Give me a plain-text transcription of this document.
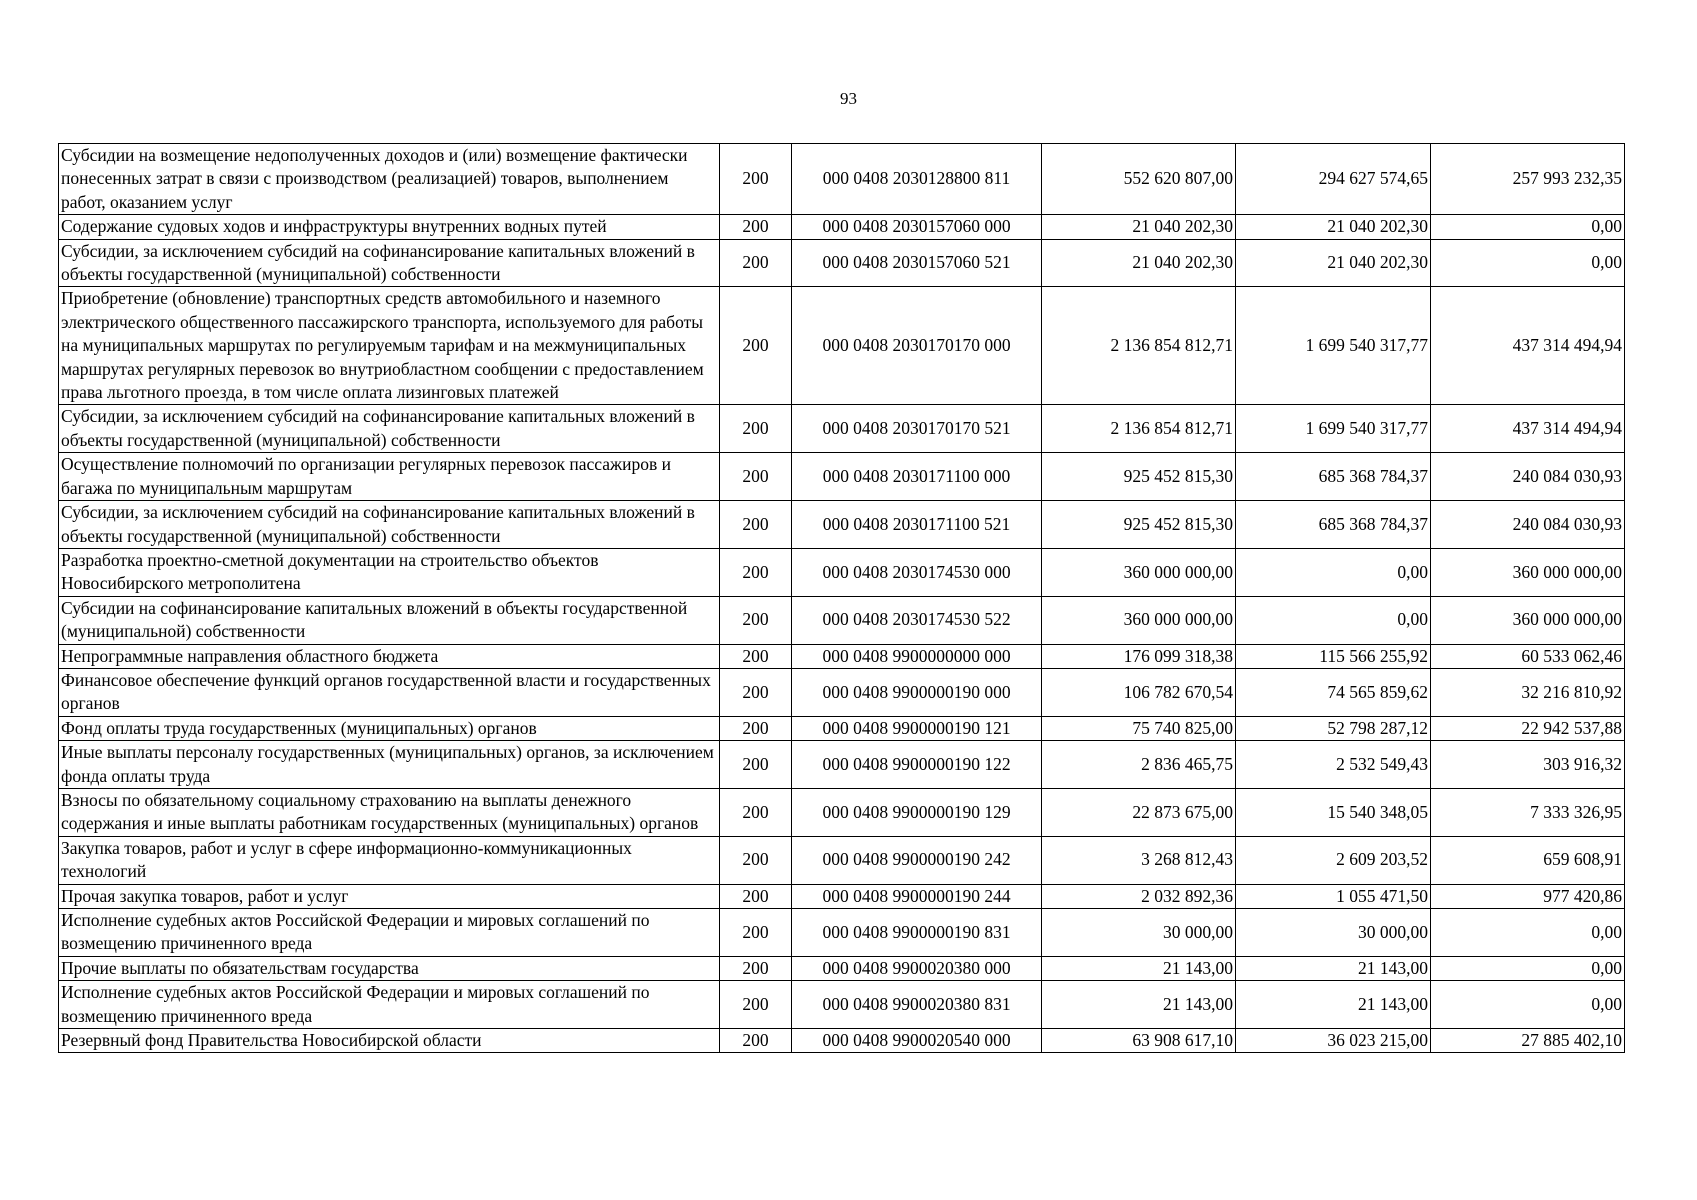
93
Субсидии на возмещение недополученных доходов и (или) возмещение фактически понесенных затрат в связи с производством (реализацией) товаров, выполнением работ, оказанием услуг	200	000 0408 2030128800 811	552 620 807,00	294 627 574,65	257 993 232,35
Содержание судовых ходов и инфраструктуры внутренних водных путей	200	000 0408 2030157060 000	21 040 202,30	21 040 202,30	0,00
Субсидии, за исключением субсидий на софинансирование капитальных вложений в объекты государственной (муниципальной) собственности	200	000 0408 2030157060 521	21 040 202,30	21 040 202,30	0,00
Приобретение (обновление) транспортных средств автомобильного и наземного электрического общественного пассажирского транспорта, используемого для работы на муниципальных маршрутах по регулируемым тарифам и на межмуниципальных маршрутах регулярных перевозок во внутриобластном сообщении с предоставлением права льготного проезда, в том числе оплата лизинговых платежей	200	000 0408 2030170170 000	2 136 854 812,71	1 699 540 317,77	437 314 494,94
Субсидии, за исключением субсидий на софинансирование капитальных вложений в объекты государственной (муниципальной) собственности	200	000 0408 2030170170 521	2 136 854 812,71	1 699 540 317,77	437 314 494,94
Осуществление полномочий по организации регулярных перевозок пассажиров и багажа по муниципальным маршрутам	200	000 0408 2030171100 000	925 452 815,30	685 368 784,37	240 084 030,93
Субсидии, за исключением субсидий на софинансирование капитальных вложений в объекты государственной (муниципальной) собственности	200	000 0408 2030171100 521	925 452 815,30	685 368 784,37	240 084 030,93
Разработка проектно-сметной документации на строительство объектов Новосибирского метрополитена	200	000 0408 2030174530 000	360 000 000,00	0,00	360 000 000,00
Субсидии на софинансирование капитальных вложений в объекты государственной (муниципальной) собственности	200	000 0408 2030174530 522	360 000 000,00	0,00	360 000 000,00
Непрограммные направления областного бюджета	200	000 0408 9900000000 000	176 099 318,38	115 566 255,92	60 533 062,46
Финансовое обеспечение функций органов государственной власти и государственных органов	200	000 0408 9900000190 000	106 782 670,54	74 565 859,62	32 216 810,92
Фонд оплаты труда государственных (муниципальных) органов	200	000 0408 9900000190 121	75 740 825,00	52 798 287,12	22 942 537,88
Иные выплаты персоналу государственных (муниципальных) органов, за исключением фонда оплаты труда	200	000 0408 9900000190 122	2 836 465,75	2 532 549,43	303 916,32
Взносы по обязательному социальному страхованию на выплаты денежного содержания и иные выплаты работникам государственных (муниципальных) органов	200	000 0408 9900000190 129	22 873 675,00	15 540 348,05	7 333 326,95
Закупка товаров, работ и услуг в сфере информационно-коммуникационных технологий	200	000 0408 9900000190 242	3 268 812,43	2 609 203,52	659 608,91
Прочая закупка товаров, работ и услуг	200	000 0408 9900000190 244	2 032 892,36	1 055 471,50	977 420,86
Исполнение судебных актов Российской Федерации и мировых соглашений по возмещению причиненного вреда	200	000 0408 9900000190 831	30 000,00	30 000,00	0,00
Прочие выплаты по обязательствам государства	200	000 0408 9900020380 000	21 143,00	21 143,00	0,00
Исполнение судебных актов Российской Федерации и мировых соглашений по возмещению причиненного вреда	200	000 0408 9900020380 831	21 143,00	21 143,00	0,00
Резервный фонд Правительства Новосибирской области	200	000 0408 9900020540 000	63 908 617,10	36 023 215,00	27 885 402,10
